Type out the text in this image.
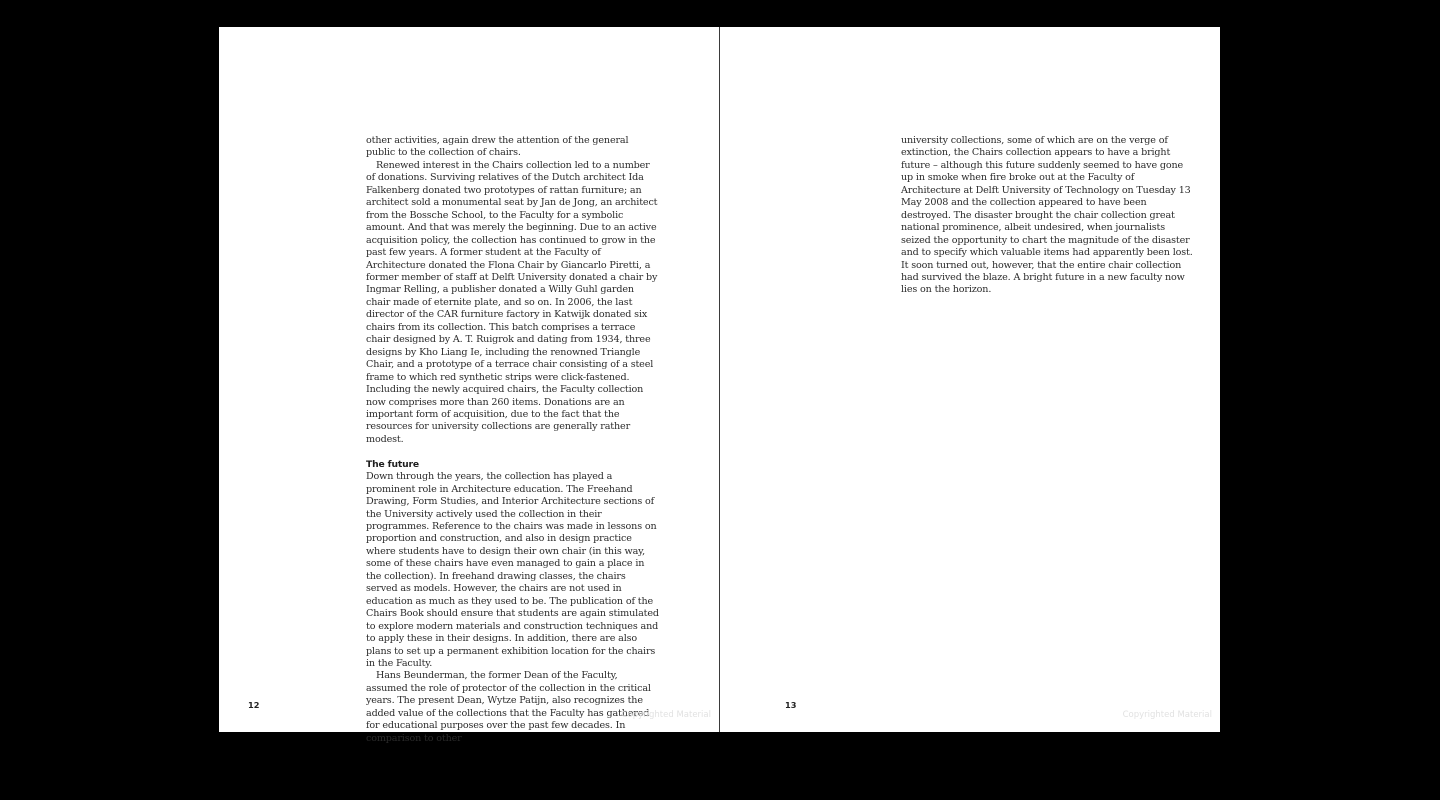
other activities, again drew the attention of the general public to the collection of chairs.

Renewed interest in the Chairs collection led to a number of donations. Surviving relatives of the Dutch architect Ida Falkenberg donated two prototypes of rattan furniture; an architect sold a monumental seat by Jan de Jong, an architect from the Bossche School, to the Faculty for a symbolic amount. And that was merely the beginning. Due to an active acquisition policy, the collection has continued to grow in the past few years. A former student at the Faculty of Architecture donated the Flona Chair by Giancarlo Piretti, a former member of staff at Delft University donated a chair by Ingmar Relling, a publisher donated a Willy Guhl garden chair made of eternite plate, and so on. In 2006, the last director of the CAR furniture factory in Katwijk donated six chairs from its collection. This batch comprises a terrace chair designed by A. T. Ruigrok and dating from 1934, three designs by Kho Liang Ie, including the renowned Triangle Chair, and a prototype of a terrace chair consisting of a steel frame to which red synthetic strips were click-fastened. Including the newly acquired chairs, the Faculty collection now comprises more than 260 items. Donations are an important form of acquisition, due to the fact that the resources for university collections are generally rather modest.

The future

Down through the years, the collection has played a prominent role in Architecture education. The Freehand Drawing, Form Studies, and Interior Architecture sections of the University actively used the collection in their programmes. Reference to the chairs was made in lessons on proportion and construction, and also in design practice where students have to design their own chair (in this way, some of these chairs have even managed to gain a place in the collection). In freehand drawing classes, the chairs served as models. However, the chairs are not used in education as much as they used to be. The publication of the Chairs Book should ensure that students are again stimulated to explore modern materials and construction techniques and to apply these in their designs. In addition, there are also plans to set up a permanent exhibition location for the chairs in the Faculty.

Hans Beunderman, the former Dean of the Faculty, assumed the role of protector of the collection in the critical years. The present Dean, Wytze Patijn, also recognizes the added value of the collections that the Faculty has gathered for educational purposes over the past few decades. In comparison to other

12
Copyrighted Material

university collections, some of which are on the verge of extinction, the Chairs collection appears to have a bright future – although this future suddenly seemed to have gone up in smoke when fire broke out at the Faculty of Architecture at Delft University of Technology on Tuesday 13 May 2008 and the collection appeared to have been destroyed. The disaster brought the chair collection great national prominence, albeit undesired, when journalists seized the opportunity to chart the magnitude of the disaster and to specify which valuable items had apparently been lost. It soon turned out, however, that the entire chair collection had survived the blaze. A bright future in a new faculty now lies on the horizon.

13
Copyrighted Material
